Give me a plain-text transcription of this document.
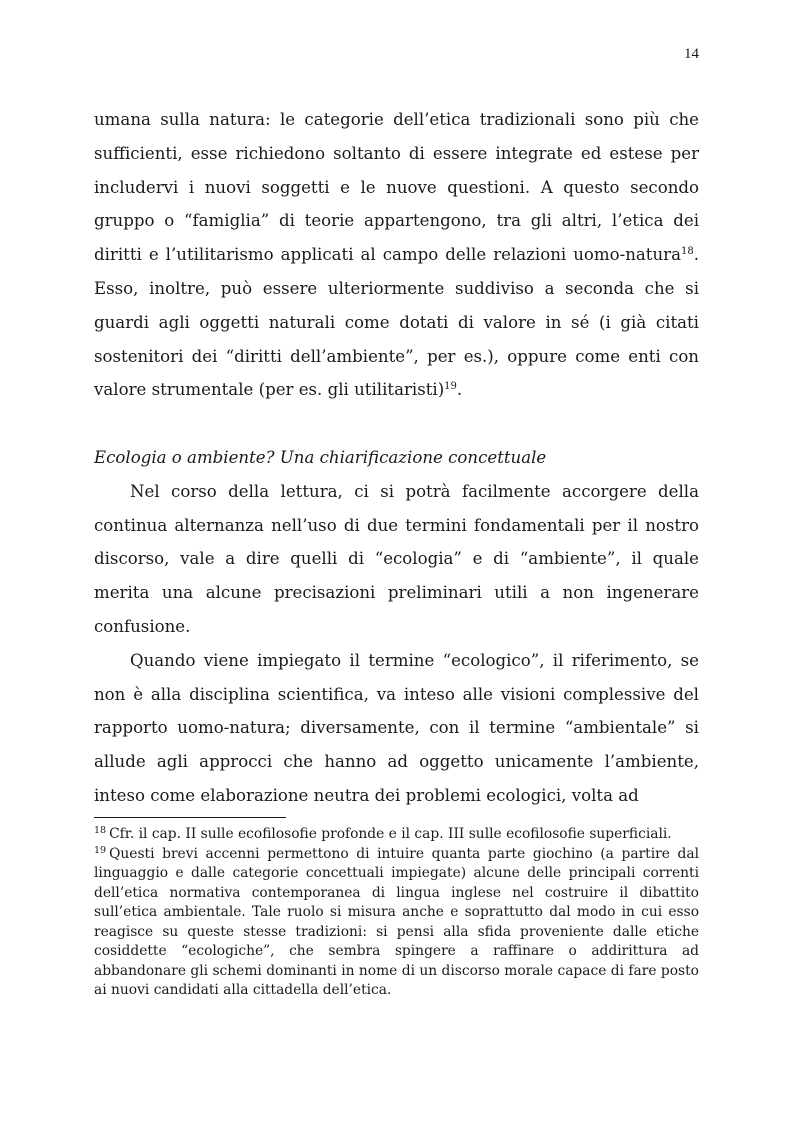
14

umana sulla natura: le categorie dell’etica tradizionali sono più che sufficienti, esse richiedono soltanto di essere integrate ed estese per includervi i nuovi soggetti e le nuove questioni. A questo secondo gruppo o “famiglia” di teorie appartengono, tra gli altri, l’etica dei diritti e l’utilitarismo applicati al campo delle relazioni uomo-natura$^{18}$. Esso, inoltre, può essere ulteriormente suddiviso a seconda che si guardi agli oggetti naturali come dotati di valore in sé (i già citati sostenitori dei “diritti dell’ambiente”, per es.), oppure come enti con valore strumentale (per es. gli utilitaristi)$^{19}$.

Ecologia o ambiente? Una chiarificazione concettuale

Nel corso della lettura, ci si potrà facilmente accorgere della continua alternanza nell’uso di due termini fondamentali per il nostro discorso, vale a dire quelli di “ecologia” e di “ambiente”, il quale merita una alcune precisazioni preliminari utili a non ingenerare confusione.

Quando viene impiegato il termine “ecologico”, il riferimento, se non è alla disciplina scientifica, va inteso alle visioni complessive del rapporto uomo-natura; diversamente, con il termine “ambientale” si allude agli approcci che hanno ad oggetto unicamente l’ambiente, inteso come elaborazione neutra dei problemi ecologici, volta ad

$^{18}$ Cfr. il cap. II sulle ecofilosofie profonde e il cap. III sulle ecofilosofie superficiali.

$^{19}$ Questi brevi accenni permettono di intuire quanta parte giochino (a partire dal linguaggio e dalle categorie concettuali impiegate) alcune delle principali correnti dell’etica normativa contemporanea di lingua inglese nel costruire il dibattito sull’etica ambientale. Tale ruolo si misura anche e soprattutto dal modo in cui esso reagisce su queste stesse tradizioni: si pensi alla sfida proveniente dalle etiche cosiddette “ecologiche”, che sembra spingere a raffinare o addirittura ad abbandonare gli schemi dominanti in nome di un discorso morale capace di fare posto ai nuovi candidati alla cittadella dell’etica.
